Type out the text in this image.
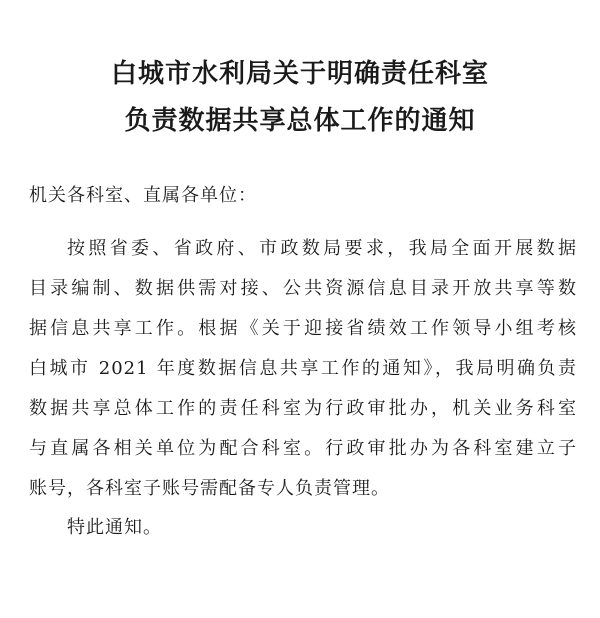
白城市水利局关于明确责任科室
负责数据共享总体工作的通知

机关各科室、直属各单位：

按照省委、省政府、市政数局要求，我局全面开展数据
目录编制、数据供需对接、公共资源信息目录开放共享等数
据信息共享工作。根据《关于迎接省绩效工作领导小组考核
白城市 2021 年度数据信息共享工作的通知》，我局明确负责
数据共享总体工作的责任科室为行政审批办，机关业务科室
与直属各相关单位为配合科室。行政审批办为各科室建立子
账号，各科室子账号需配备专人负责管理。

特此通知。
